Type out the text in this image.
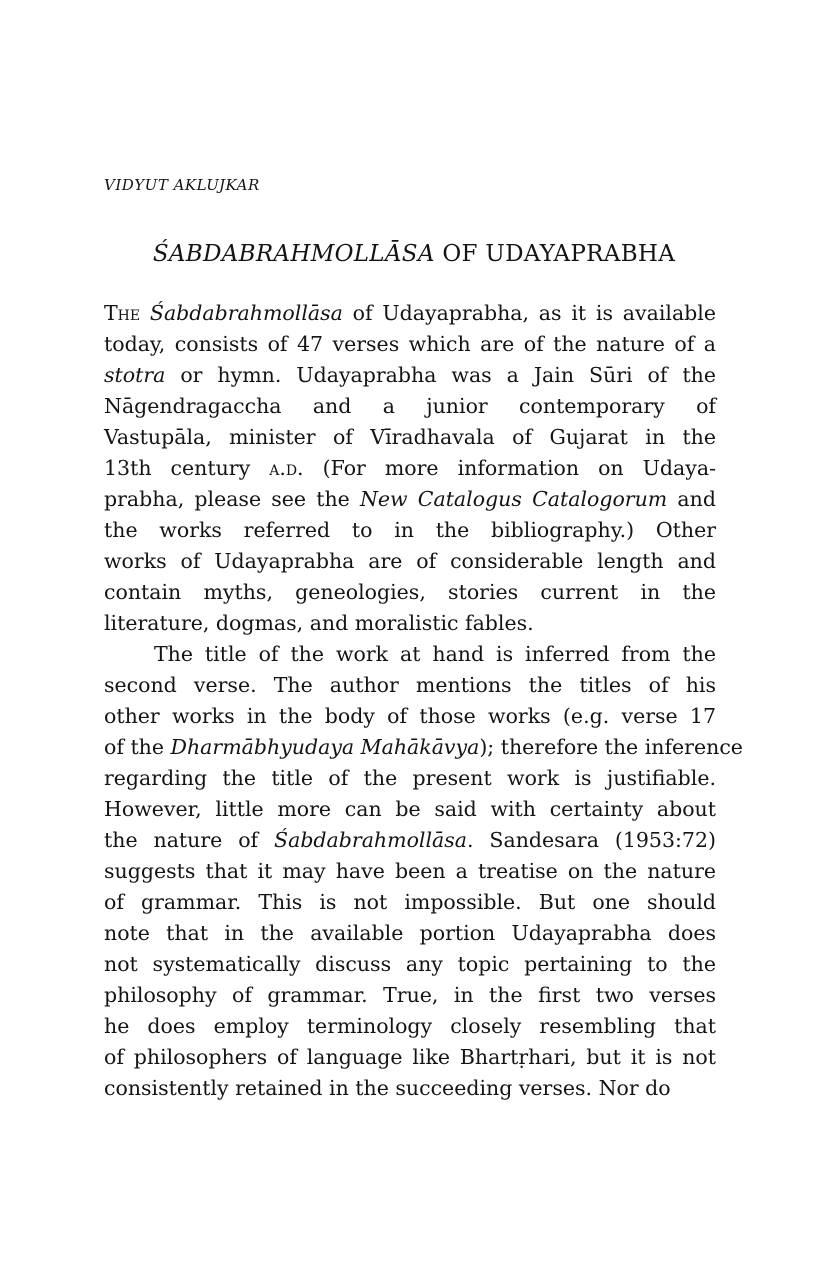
VIDYUT AKLUJKAR
ŚABDABRAHMOLLĀSA OF UDAYAPRABHA
The Śabdabrahmollāsa of Udayaprabha, as it is available
today, consists of 47 verses which are of the nature of a
stotra or hymn. Udayaprabha was a Jain Sūri of the
Nāgendragaccha and a junior contemporary of
Vastupāla, minister of Vīradhavala of Gujarat in the
13th century a.d. (For more information on Udaya-
prabha, please see the New Catalogus Catalogorum and
the works referred to in the bibliography.) Other
works of Udayaprabha are of considerable length and
contain myths, geneologies, stories current in the
literature, dogmas, and moralistic fables.
The title of the work at hand is inferred from the
second verse. The author mentions the titles of his
other works in the body of those works (e.g. verse 17
of the Dharmābhyudaya Mahākāvya); therefore the inference
regarding the title of the present work is justifiable.
However, little more can be said with certainty about
the nature of Śabdabrahmollāsa. Sandesara (1953:72)
suggests that it may have been a treatise on the nature
of grammar. This is not impossible. But one should
note that in the available portion Udayaprabha does
not systematically discuss any topic pertaining to the
philosophy of grammar. True, in the first two verses
he does employ terminology closely resembling that
of philosophers of language like Bhartṛhari, but it is not
consistently retained in the succeeding verses. Nor do
